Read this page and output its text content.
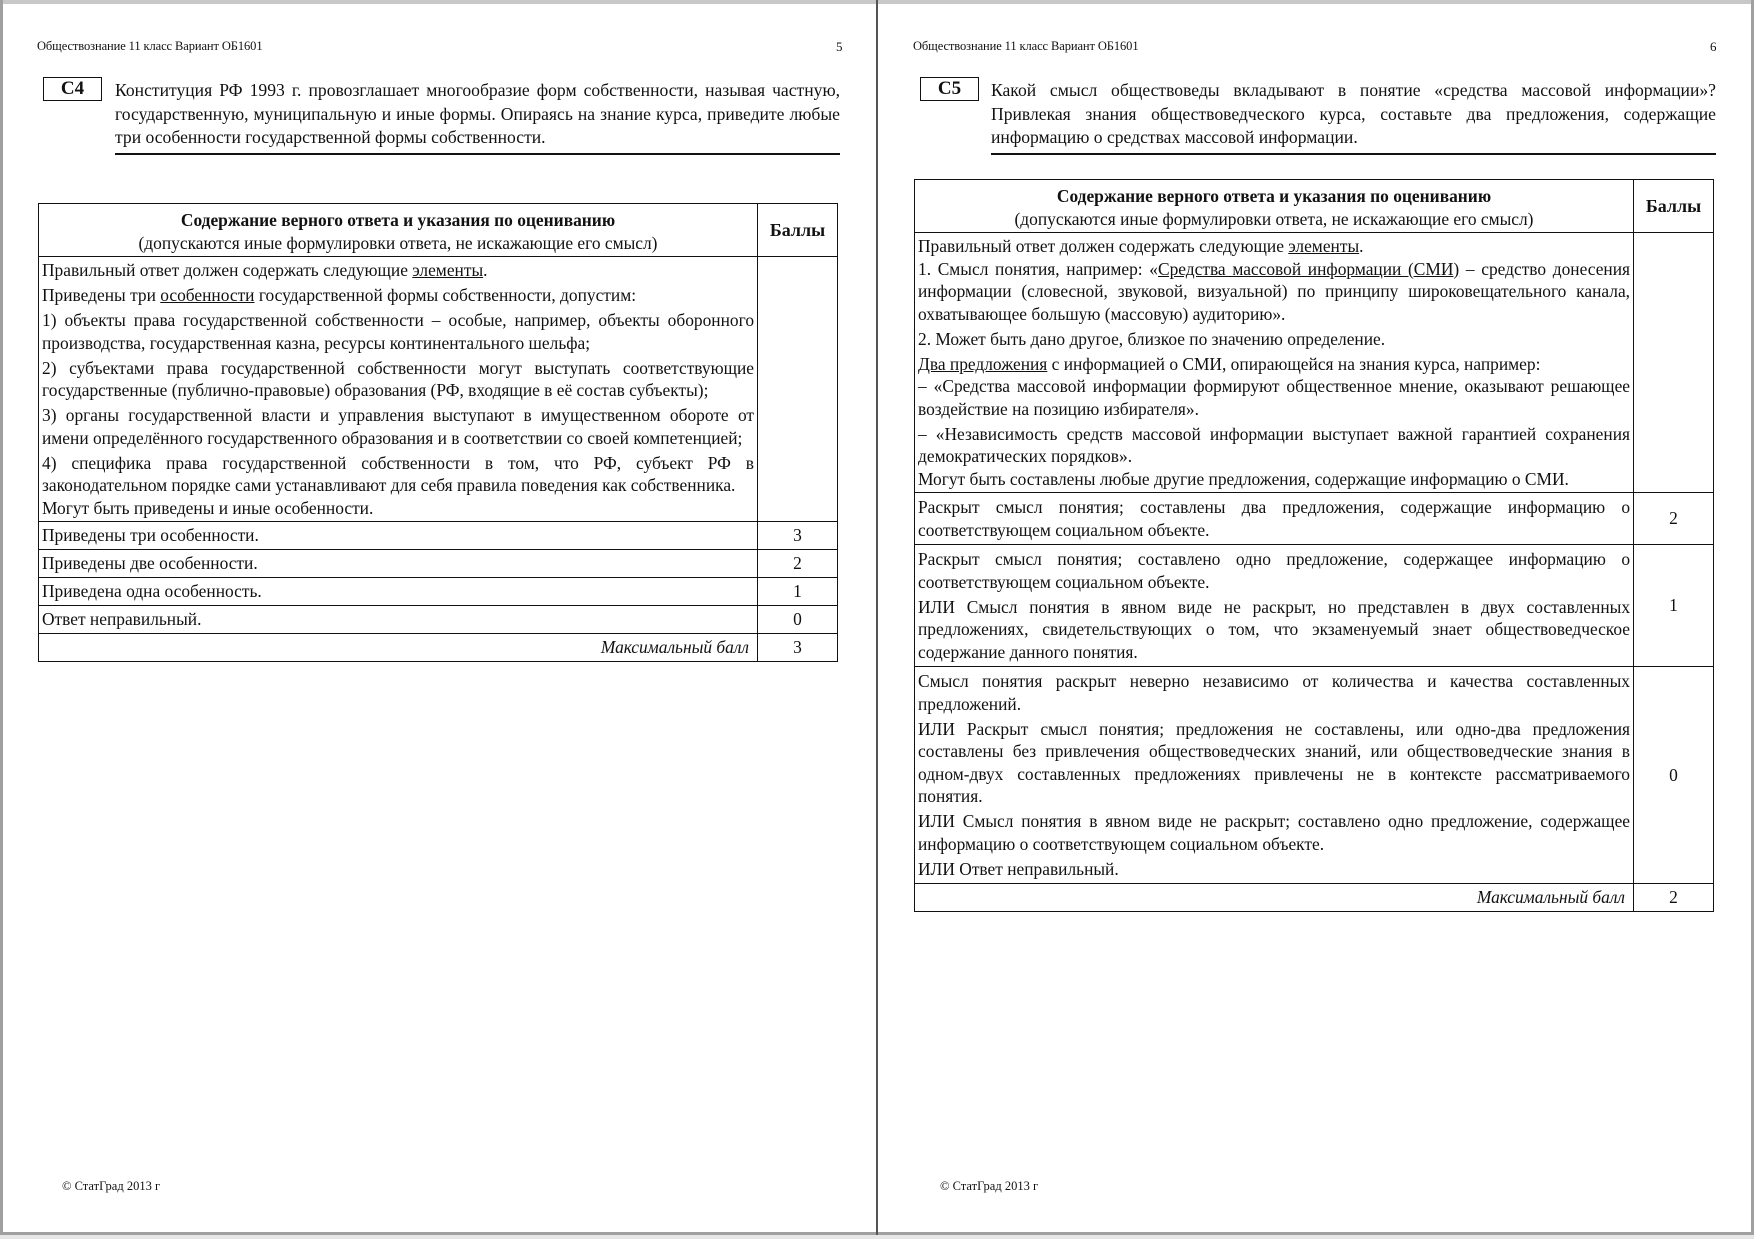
Обществознание 11 класс Вариант ОБ1601	5
С4	Конституция РФ 1993 г. провозглашает многообразие форм собственности, называя частную, государственную, муниципальную и иные формы. Опираясь на знание курса, приведите любые три особенности государственной формы собственности.

Содержание верного ответа и указания по оцениванию
(допускаются иные формулировки ответа, не искажающие его смысл)	Баллы

Правильный ответ должен содержать следующие элементы.

Приведены три особенности государственной формы собственности, допустим:

1) объекты права государственной собственности – особые, например, объекты оборонного производства, государственная казна, ресурсы континентального шельфа;

2) субъектами права государственной собственности могут выступать соответствующие государственные (публично-правовые) образования (РФ, входящие в её состав субъекты);

3) органы государственной власти и управления выступают в имущественном обороте от имени определённого государственного образования и в соответствии со своей компетенцией;

4) специфика права государственной собственности в том, что РФ, субъект РФ в законодательном порядке сами устанавливают для себя правила поведения как собственника.

Могут быть приведены и иные особенности.

Приведены три особенности.	3
Приведены две особенности.	2
Приведена одна особенность.	1
Ответ неправильный.	0
Максимальный балл	3
© СтатГрад 2013 г
Обществознание 11 класс Вариант ОБ1601	6
С5	Какой смысл обществоведы вкладывают в понятие «средства массовой информации»? Привлекая знания обществоведческого курса, составьте два предложения, содержащие информацию о средствах массовой информации.

Содержание верного ответа и указания по оцениванию
(допускаются иные формулировки ответа, не искажающие его смысл)	Баллы

Правильный ответ должен содержать следующие элементы.

1. Смысл понятия, например: «Средства массовой информации (СМИ) – средство донесения информации (словесной, звуковой, визуальной) по принципу широковещательного канала, охватывающее большую (массовую) аудиторию».

2. Может быть дано другое, близкое по значению определение.

Два предложения с информацией о СМИ, опирающейся на знания курса, например:

– «Средства массовой информации формируют общественное мнение, оказывают решающее воздействие на позицию избирателя».

– «Независимость средств массовой информации выступает важной гарантией сохранения демократических порядков».

Могут быть составлены любые другие предложения, содержащие информацию о СМИ.

Раскрыт смысл понятия; составлены два предложения, содержащие информацию о соответствующем социальном объекте.	2

Раскрыт смысл понятия; составлено одно предложение, содержащее информацию о соответствующем социальном объекте.

ИЛИ Смысл понятия в явном виде не раскрыт, но представлен в двух составленных предложениях, свидетельствующих о том, что экзаменуемый знает обществоведческое содержание данного понятия.	1

Смысл понятия раскрыт неверно независимо от количества и качества составленных предложений.

ИЛИ Раскрыт смысл понятия; предложения не составлены, или одно-два предложения составлены без привлечения обществоведческих знаний, или обществоведческие знания в одном-двух составленных предложениях привлечены не в контексте рассматриваемого понятия.

ИЛИ Смысл понятия в явном виде не раскрыт; составлено одно предложение, содержащее информацию о соответствующем социальном объекте.

ИЛИ Ответ неправильный.	0
Максимальный балл	2
© СтатГрад 2013 г
